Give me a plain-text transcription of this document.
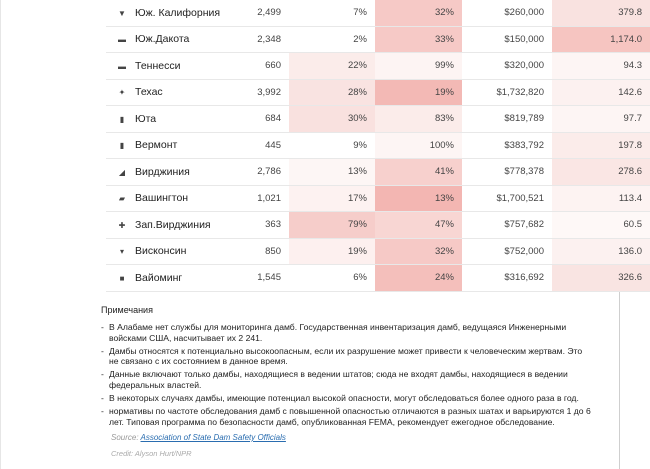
▼ Юж. Калифорния	2,499	7%	32%	$260,000	379.8
▬ Юж.Дакота	2,348	2%	33%	$150,000	1,174.0
▬ Теннесси	660	22%	99%	$320,000	94.3
✦ Техас	3,992	28%	19%	$1,732,820	142.6
▮ Юта	684	30%	83%	$819,789	97.7
▮ Вермонт	445	9%	100%	$383,792	197.8
◢ Вирджиния	2,786	13%	41%	$778,378	278.6
▰ Вашингтон	1,021	17%	13%	$1,700,521	113.4
✚ Зап.Вирджиния	363	79%	47%	$757,682	60.5
▾ Висконсин	850	19%	32%	$752,000	136.0
■ Вайоминг	1,545	6%	24%	$316,692	326.6
Примечания
- В Алабаме нет службы для мониторинга дамб. Государственная инвентаризация дамб, ведущаяся Инженерными войсками США, насчитывает их 2 241.
- Дамбы относятся к потенциально высокоопасным, если их разрушение может привести к человеческим жертвам. Это не связано с их состоянием в данное время.
- Данные включают только дамбы, находящиеся в ведении штатов; сюда не входят дамбы, находящиеся в ведении федеральных властей.
- В некоторых случаях дамбы, имеющие потенциал высокой опасности, могут обследоваться более одного раза в год.
- нормативы по частоте обследования дамб с повышенной опасностью отличаются в разных шатах и варьируются 1 до 6 лет. Типовая программа по безопасности дамб, опубликованная FEMA, рекомендует ежегодное обследование.
Source: Association of State Dam Safety Officials
Credit: Alyson Hurt/NPR
